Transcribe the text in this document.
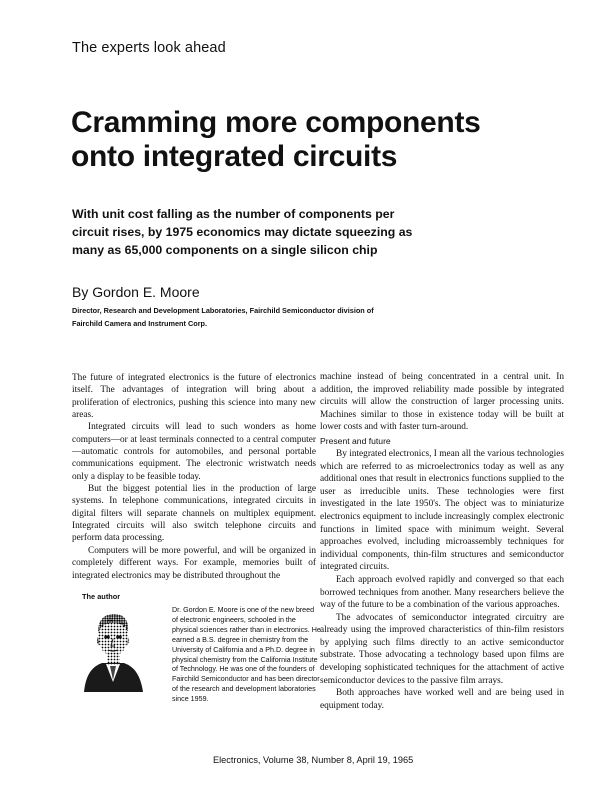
The experts look ahead
Cramming more components
onto integrated circuits
With unit cost falling as the number of components per
circuit rises, by 1975 economics may dictate squeezing as
many as 65,000 components on a single silicon chip
By Gordon E. Moore
Director, Research and Development Laboratories, Fairchild Semiconductor division of Fairchild Camera and Instrument Corp.

The future of integrated electronics is the future of electronics itself. The advantages of integration will bring about a proliferation of electronics, pushing this science into many new areas.

Integrated circuits will lead to such wonders as home computers—or at least terminals connected to a central computer—automatic controls for automobiles, and personal portable communications equipment. The electronic wristwatch needs only a display to be feasible today.

But the biggest potential lies in the production of large systems. In telephone communications, integrated circuits in digital filters will separate channels on multiplex equipment. Integrated circuits will also switch telephone circuits and perform data processing.

Computers will be more powerful, and will be organized in completely different ways. For example, memories built of integrated electronics may be distributed throughout the

machine instead of being concentrated in a central unit. In addition, the improved reliability made possible by integrated circuits will allow the construction of larger processing units. Machines similar to those in existence today will be built at lower costs and with faster turn-around.

Present and future

By integrated electronics, I mean all the various technologies which are referred to as microelectronics today as well as any additional ones that result in electronics functions supplied to the user as irreducible units. These technologies were first investigated in the late 1950's. The object was to miniaturize electronics equipment to include increasingly complex electronic functions in limited space with minimum weight. Several approaches evolved, including microassembly techniques for individual components, thin-film structures and semiconductor integrated circuits.

Each approach evolved rapidly and converged so that each borrowed techniques from another. Many researchers believe the way of the future to be a combination of the various approaches.

The advocates of semiconductor integrated circuitry are already using the improved characteristics of thin-film resistors by applying such films directly to an active semiconductor substrate. Those advocating a technology based upon films are developing sophisticated techniques for the attachment of active semiconductor devices to the passive film arrays.

Both approaches have worked well and are being used in equipment today.

The author
Dr. Gordon E. Moore is one of the new breed of electronic engineers, schooled in the physical sciences rather than in electronics. He earned a B.S. degree in chemistry from the University of California and a Ph.D. degree in physical chemistry from the California Institute of Technology. He was one of the founders of Fairchild Semiconductor and has been director of the research and development laboratories since 1959.
Electronics, Volume 38, Number 8, April 19, 1965
